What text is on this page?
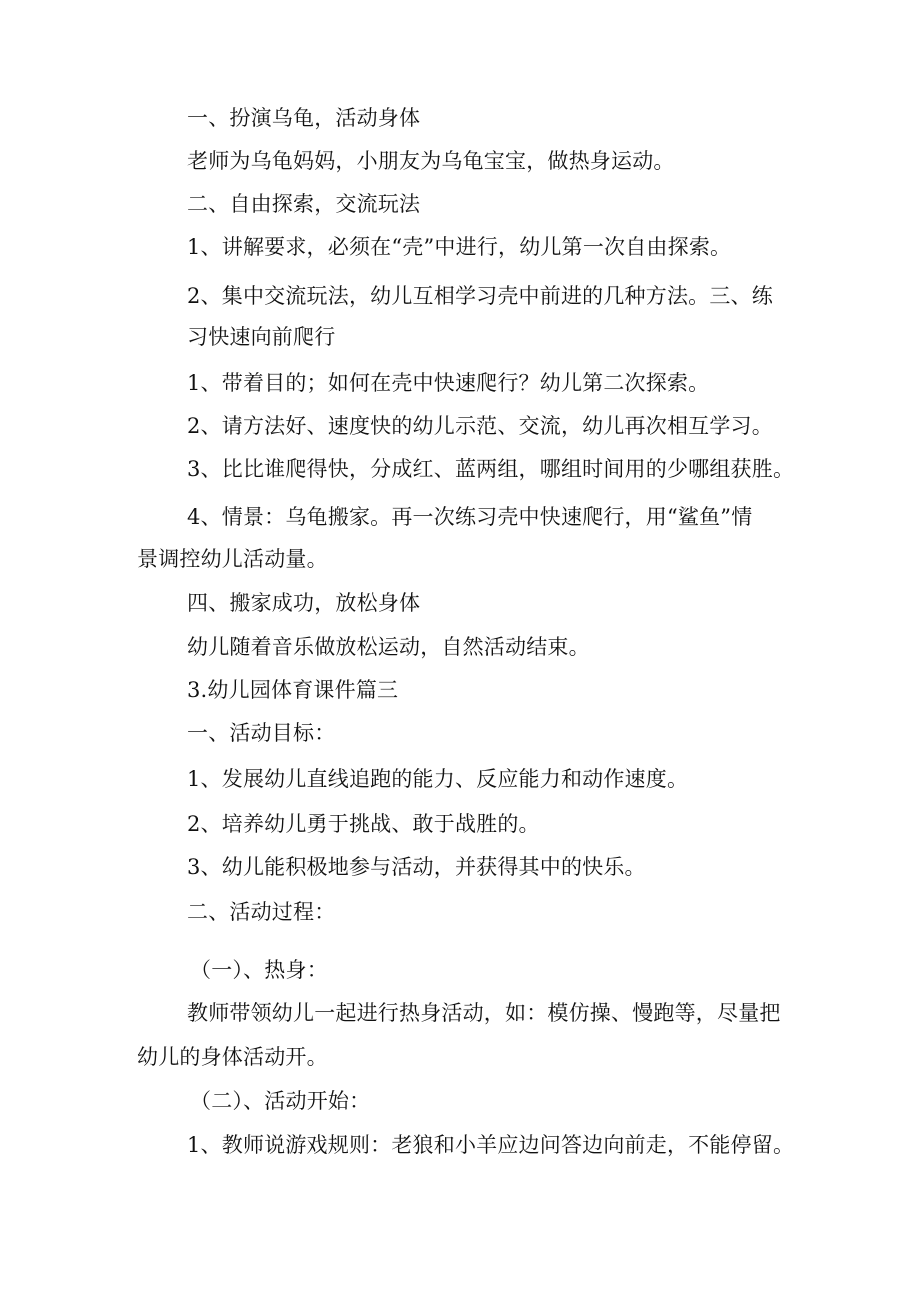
一、扮演乌龟，活动身体
老师为乌龟妈妈，小朋友为乌龟宝宝，做热身运动。
二、自由探索，交流玩法
1、讲解要求，必须在“壳”中进行，幼儿第一次自由探索。
2、集中交流玩法，幼儿互相学习壳中前进的几种方法。三、练
习快速向前爬行
1、带着目的；如何在壳中快速爬行？幼儿第二次探索。
2、请方法好、速度快的幼儿示范、交流，幼儿再次相互学习。
3、比比谁爬得快，分成红、蓝两组，哪组时间用的少哪组获胜。
4、情景：乌龟搬家。再一次练习壳中快速爬行，用“鲨鱼”情
景调控幼儿活动量。
四、搬家成功，放松身体
幼儿随着音乐做放松运动，自然活动结束。
3.幼儿园体育课件篇三
一、活动目标：
1、发展幼儿直线追跑的能力、反应能力和动作速度。
2、培养幼儿勇于挑战、敢于战胜的。
3、幼儿能积极地参与活动，并获得其中的快乐。
二、活动过程：
（一）、热身：
教师带领幼儿一起进行热身活动，如：模仿操、慢跑等，尽量把
幼儿的身体活动开。
（二）、活动开始：
1、教师说游戏规则：老狼和小羊应边问答边向前走，不能停留。
